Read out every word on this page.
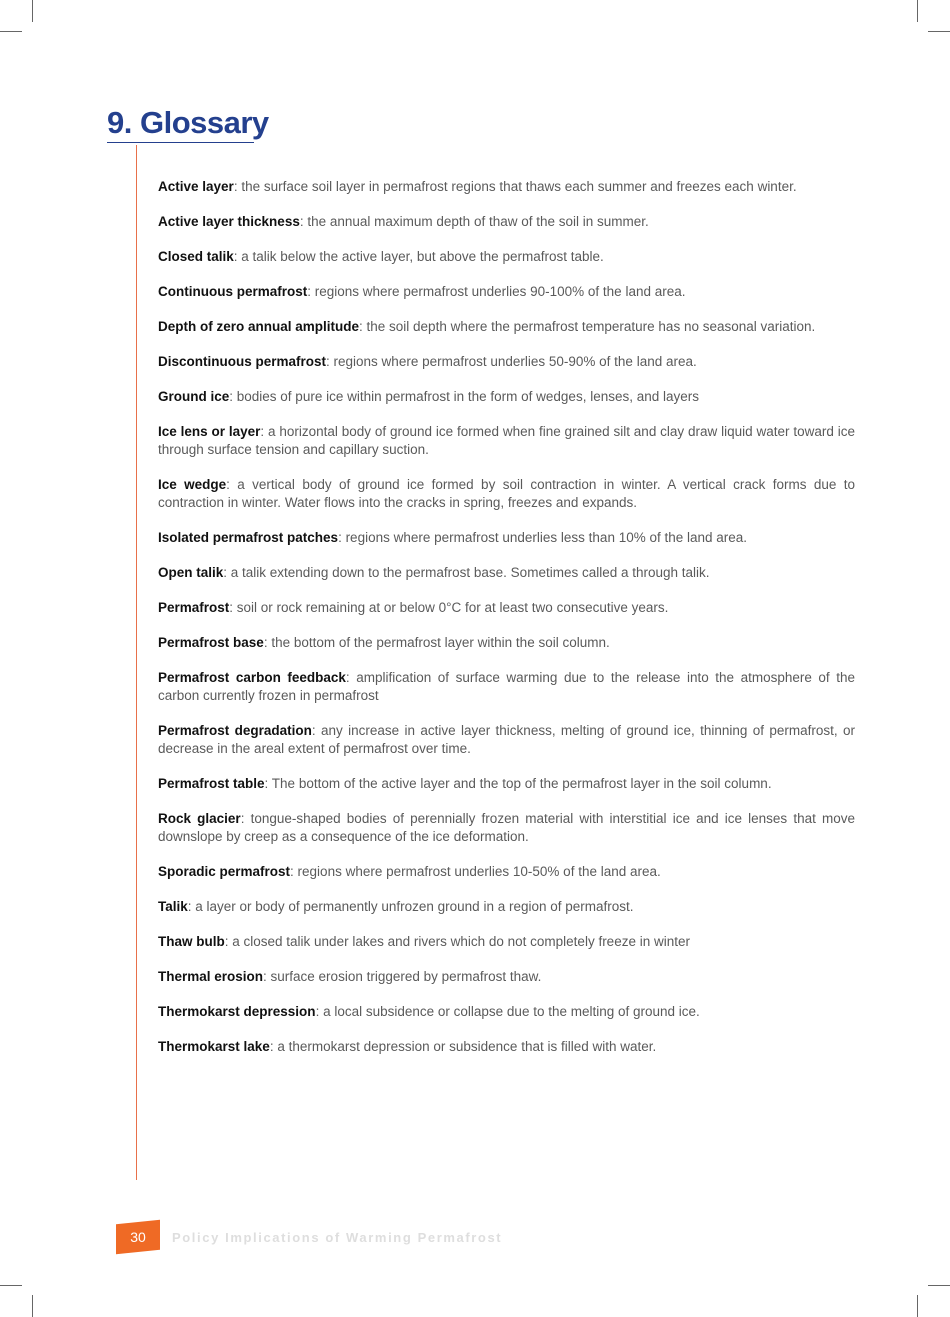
9. Glossary
Active layer: the surface soil layer in permafrost regions that thaws each summer and freezes each winter.
Active layer thickness: the annual maximum depth of thaw of the soil in summer.
Closed talik: a talik below the active layer, but above the permafrost table.
Continuous permafrost: regions where permafrost underlies 90-100% of the land area.
Depth of zero annual amplitude: the soil depth where the permafrost temperature has no seasonal variation.
Discontinuous permafrost: regions where permafrost underlies 50-90% of the land area.
Ground ice: bodies of pure ice within permafrost in the form of wedges, lenses, and layers
Ice lens or layer: a horizontal body of ground ice formed when fine grained silt and clay draw liquid water toward ice through surface tension and capillary suction.
Ice wedge: a vertical body of ground ice formed by soil contraction in winter. A vertical crack forms due to contraction in winter. Water flows into the cracks in spring, freezes and expands.
Isolated permafrost patches: regions where permafrost underlies less than 10% of the land area.
Open talik: a talik extending down to the permafrost base. Sometimes called a through talik.
Permafrost: soil or rock remaining at or below 0°C for at least two consecutive years.
Permafrost base: the bottom of the permafrost layer within the soil column.
Permafrost carbon feedback: amplification of surface warming due to the release into the atmosphere of the carbon currently frozen in permafrost
Permafrost degradation: any increase in active layer thickness, melting of ground ice, thinning of permafrost, or decrease in the areal extent of permafrost over time.
Permafrost table: The bottom of the active layer and the top of the permafrost layer in the soil column.
Rock glacier: tongue-shaped bodies of perennially frozen material with interstitial ice and ice lenses that move downslope by creep as a consequence of the ice deformation.
Sporadic permafrost: regions where permafrost underlies 10-50% of the land area.
Talik: a layer or body of permanently unfrozen ground in a region of permafrost.
Thaw bulb: a closed talik under lakes and rivers which do not completely freeze in winter
Thermal erosion: surface erosion triggered by permafrost thaw.
Thermokarst depression: a local subsidence or collapse due to the melting of ground ice.
Thermokarst lake: a thermokarst depression or subsidence that is filled with water.
30	Policy Implications of Warming Permafrost
